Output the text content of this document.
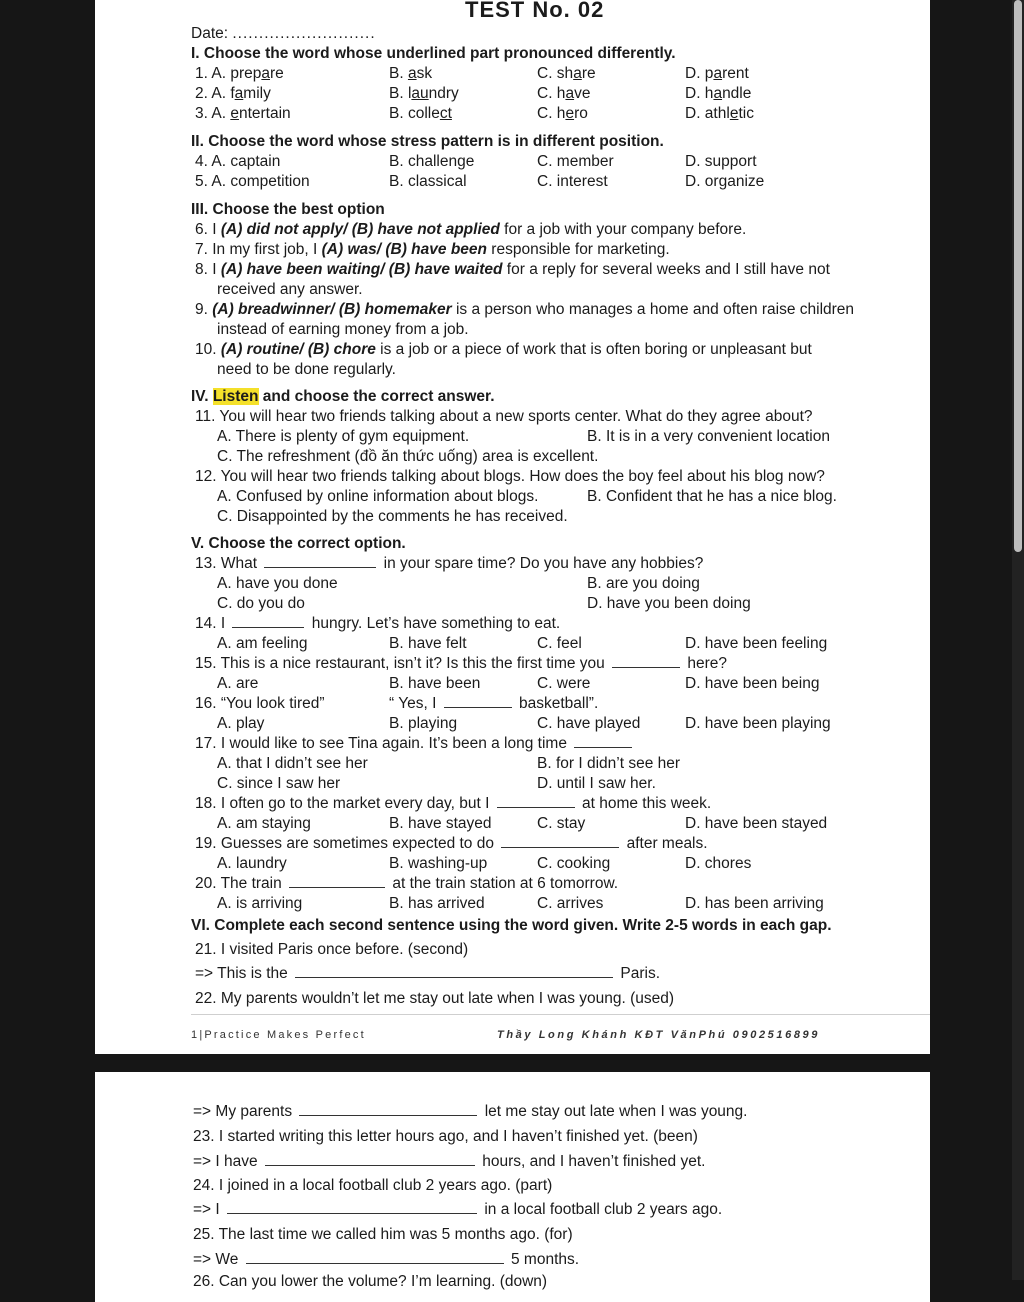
TEST No. 02
Date: ...........................
I. Choose the word whose underlined part pronounced differently.
1. A. prepare	B. ask	C. share	D. parent
2. A. family	B. laundry	C. have	D. handle
3. A. entertain	B. collect	C. hero	D. athletic
II. Choose the word whose stress pattern is in different position.
4. A. captain	B. challenge	C. member	D. support
5. A. competition	B. classical	C. interest	D. organize
III. Choose the best option
6. I (A) did not apply/ (B) have not applied for a job with your company before.
7. In my first job, I (A) was/ (B) have been responsible for marketing.
8. I (A) have been waiting/ (B) have waited for a reply for several weeks and I still have not
received any answer.
9. (A) breadwinner/ (B) homemaker is a person who manages a home and often raise children
instead of earning money from a job.
10. (A) routine/ (B) chore is a job or a piece of work that is often boring or unpleasant but
need to be done regularly.
IV. Listen and choose the correct answer.
11. You will hear two friends talking about a new sports center. What do they agree about?
A. There is plenty of gym equipment.	B. It is in a very convenient location
C. The refreshment (đồ ăn thức uống) area is excellent.
12. You will hear two friends talking about blogs. How does the boy feel about his blog now?
A. Confused by online information about blogs.	B. Confident that he has a nice blog.
C. Disappointed by the comments he has received.
V. Choose the correct option.
13. What	in your spare time? Do you have any hobbies?
A. have you done	B. are you doing
C. do you do	D. have you been doing
14. I	hungry. Let’s have something to eat.
A. am feeling	B. have felt	C. feel	D. have been feeling
15. This is a nice restaurant, isn’t it? Is this the first time you	here?
A. are	B. have been	C. were	D. have been being
16. “You look tired”	“ Yes, I	basketball”.
A. play	B. playing	C. have played	D. have been playing
17. I would like to see Tina again. It’s been a long time
A. that I didn’t see her	B. for I didn’t see her
C. since I saw her	D. until I saw her.
18. I often go to the market every day, but I	at home this week.
A. am staying	B. have stayed	C. stay	D. have been stayed
19. Guesses are sometimes expected to do	after meals.
A. laundry	B. washing-up	C. cooking	D. chores
20. The train	at the train station at 6 tomorrow.
A. is arriving	B. has arrived	C. arrives	D. has been arriving
VI. Complete each second sentence using the word given. Write 2-5 words in each gap.
21. I visited Paris once before. (second)
=> This is the	Paris.
22. My parents wouldn’t let me stay out late when I was young. (used)
1|Practice Makes Perfect	Thầy Long Khánh KĐT VănPhú 0902516899
=> My parents	let me stay out late when I was young.
23. I started writing this letter hours ago, and I haven’t finished yet. (been)
=> I have	hours, and I haven’t finished yet.
24. I joined in a local football club 2 years ago. (part)
=> I	in a local football club 2 years ago.
25. The last time we called him was 5 months ago. (for)
=> We	5 months.
26. Can you lower the volume? I’m learning. (down)
